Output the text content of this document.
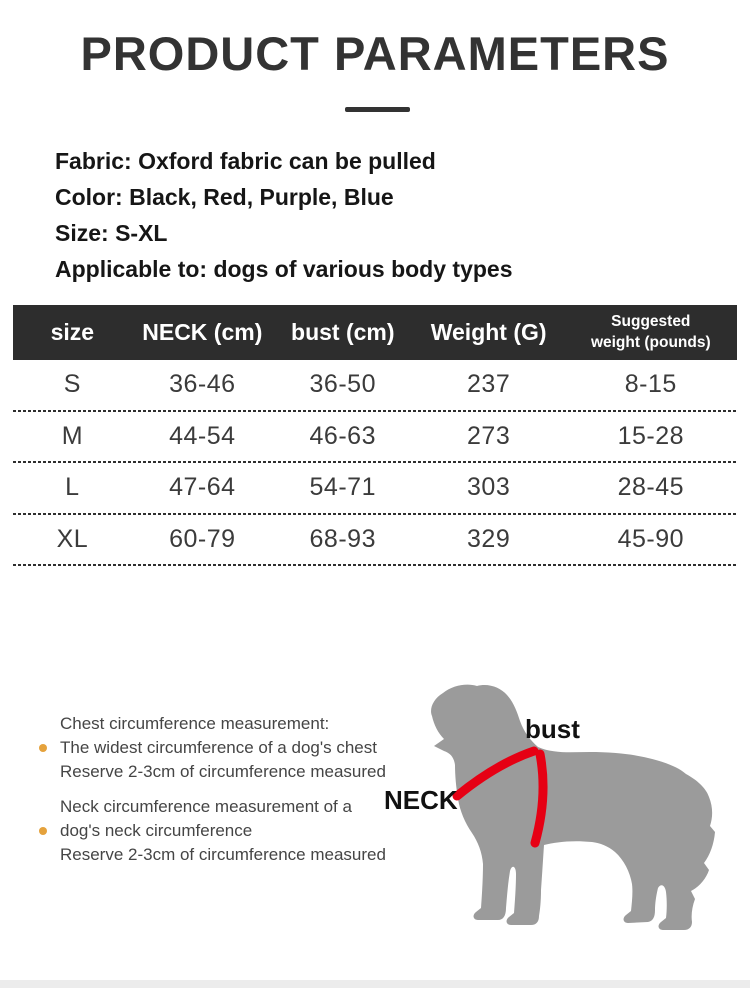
PRODUCT PARAMETERS
Fabric: Oxford fabric can be pulled
Color: Black, Red, Purple, Blue
Size: S-XL
Applicable to: dogs of various body types
size	NECK (cm)	bust (cm)	Weight (G)	Suggested weight (pounds)
S	36-46	36-50	237	8-15
M	44-54	46-63	273	15-28
L	47-64	54-71	303	28-45
XL	60-79	68-93	329	45-90
Chest circumference measurement:
The widest circumference of a dog's chest
Reserve 2-3cm of circumference measured
Neck circumference measurement of a
dog's neck circumference
Reserve 2-3cm of circumference measured
bust
NECK
